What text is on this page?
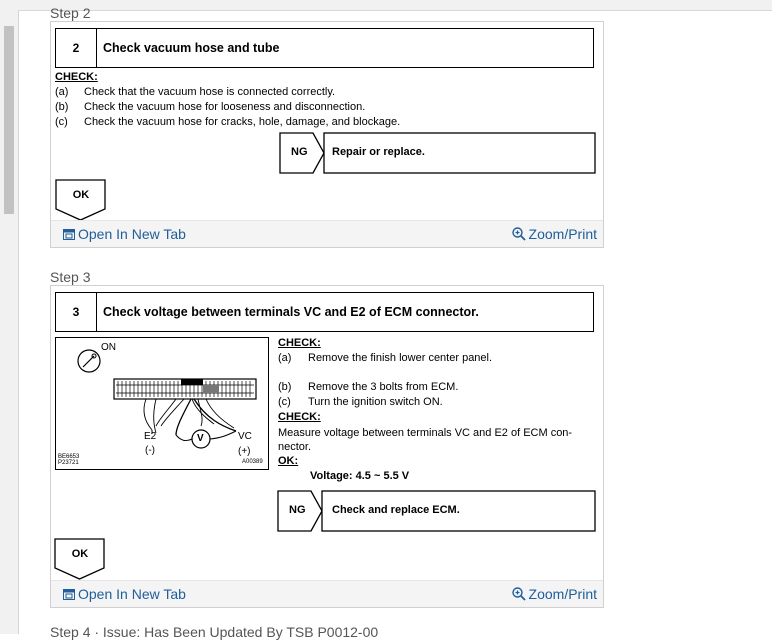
Step 2
2	Check vacuum hose and tube
CHECK:
(a) Check that the vacuum hose is connected correctly.
(b) Check the vacuum hose for looseness and disconnection.
(c) Check the vacuum hose for cracks, hole, damage, and blockage.
NG Repair or replace.
OK
Open In New Tab	Zoom/Print
Step 3
3	Check voltage between terminals VC and E2 of ECM connector.
ON
E2
(-)
V	VC
(+)
BE6653
P23721	A00389
CHECK:
(a) Remove the finish lower center panel.
(b) Remove the 3 bolts from ECM.
(c) Turn the ignition switch ON.
CHECK:
Measure voltage between terminals VC and E2 of ECM con-
nector.
OK:
Voltage: 4.5 ~ 5.5 V
NG Check and replace ECM.
OK
Open In New Tab	Zoom/Print
Step 4 · Issue: Has Been Updated By TSB P0012-00
